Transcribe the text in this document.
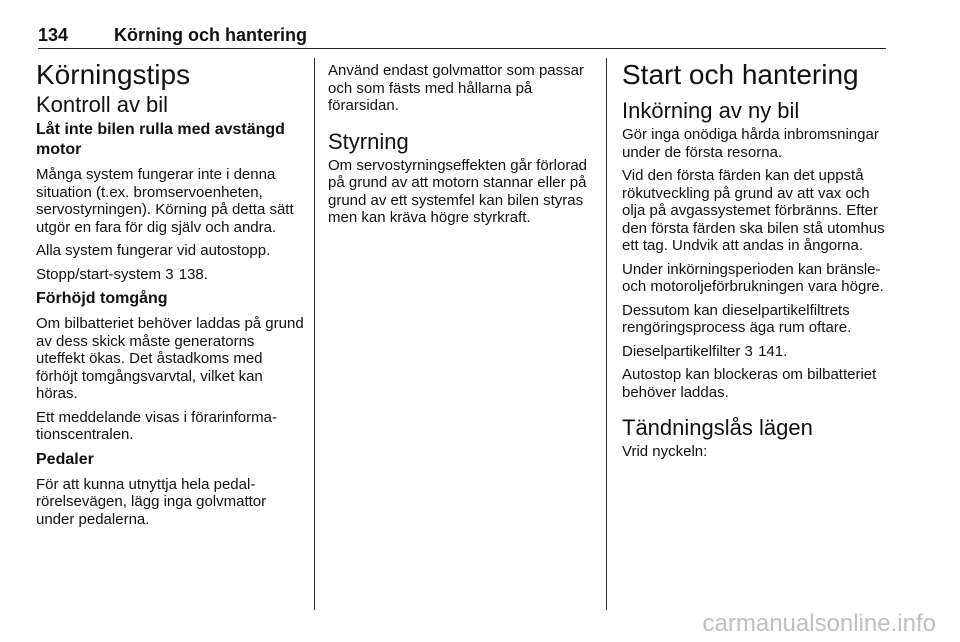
134	Körning och hantering
Körningstips
Kontroll av bil
Låt inte bilen rulla med avstängd motor

Många system fungerar inte i denna situation (t.ex. bromservoenheten, servostyrningen). Körning på detta sätt utgör en fara för dig själv och andra.

Alla system fungerar vid autostopp.

Stopp/start-system 3 138.

Förhöjd tomgång

Om bilbatteriet behöver laddas på grund av dess skick måste generatorns uteffekt ökas. Det åstadkoms med förhöjt tomgångsvarvtal, vilket kan höras.

Ett meddelande visas i förarinformationscentralen.

Pedaler

För att kunna utnyttja hela pedalrörelsevägen, lägg inga golvmattor under pedalerna.

Använd endast golvmattor som passar och som fästs med hållarna på förarsidan.

Styrning

Om servostyrningseffekten går förlorad på grund av att motorn stannar eller på grund av ett systemfel kan bilen styras men kan kräva högre styrkraft.

Start och hantering
Inkörning av ny bil

Gör inga onödiga hårda inbromsningar under de första resorna.

Vid den första färden kan det uppstå rökutveckling på grund av att vax och olja på avgassystemet förbränns. Efter den första färden ska bilen stå utomhus ett tag. Undvik att andas in ångorna.

Under inkörningsperioden kan bränsle- och motoroljeförbrukningen vara högre.

Dessutom kan dieselpartikelfiltrets rengöringsprocess äga rum oftare.

Dieselpartikelfilter 3 141.

Autostop kan blockeras om bilbatteriet behöver laddas.

Tändningslås lägen

Vrid nyckeln:

carmanualsonline.info
